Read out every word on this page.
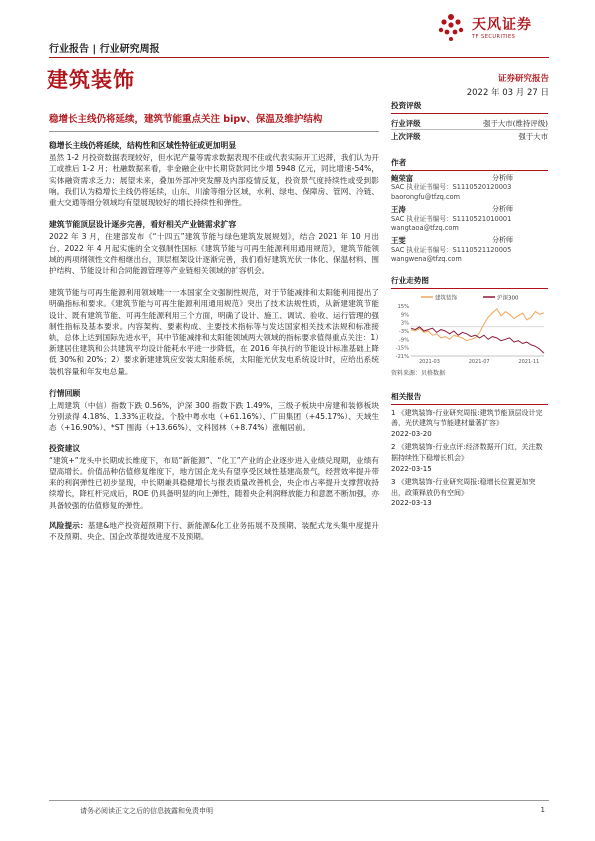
天风证券
TF SECURITIES
行业报告 | 行业研究周报
建筑装饰	证券研究报告
2022 年 03 月 27 日
稳增长主线仍将延续，建筑节能重点关注 bipv、保温及维护结构
稳增长主线仍将延续，结构性和区域性特征或更加明显
虽然 1-2 月投资数据表现较好，但水泥产量等需求数据表现不佳或代表实际开工迟滞，我们认为开工或推后 1-2 月；杜融数据来看，非金融企业中长期贷款同比少增 5948 亿元，同比增速-54%，实体融资需求乏力；展望未来，叠加外部冲突发酵及内部疫情反复，投资景气度持续性或受到影响。我们认为稳增长主线仍将延续，山东、川渝等细分区域，水利、绿电、保障房、管网、冷链、重大交通等细分领域均有望展现较好的增长持续性和弹性。
建筑节能顶层设计逐步完善，看好相关产业链需求扩容
2022 年 3 月，住建部发布《“十四五”建筑节能与绿色建筑发展规划》，结合 2021 年 10 月出台、2022 年 4 月起实施的全文强制性国标《建筑节能与可再生能源利用通用规范》，建筑节能领域的两项纲领性文件相继出台，顶层框架设计逐渐完善，我们看好建筑光伏一体化、保温材料、围护结构、节能设计和合同能源管理等产业链相关领域的扩容机会。
建筑节能与可再生能源利用领域唯一一本国家全文强制性规范，对于节能减排和太阳能利用提出了明确指标和要求。《建筑节能与可再生能源利用通用规范》突出了技术法规性质，从新建建筑节能设计、既有建筑节能、可再生能源利用三个方面，明确了设计、施工、调试、验收、运行管理的强制性指标及基本要求。内容架构、要素构成、主要技术指标等与发达国家相关技术法规和标准接轨，总体上达到国际先进水平，其中节能减排和太阳能领域两大领域的指标要求值得重点关注：1）新建居住建筑和公共建筑平均设计能耗水平进一步降低，在 2016 年执行的节能设计标准基础上降低 30%和 20%；2）要求新建建筑应安装太阳能系统，太阳能光伏发电系统设计时，应给出系统装机容量和年发电总量。
行情回顾
上周建筑（中信）指数下跌 0.56%，沪深 300 指数下跌 1.49%，三级子板块中房建和装修板块分别录得 4.18%、1.33%正收益。个股中粤水电（+61.16%）、广田集团（+45.17%）、天域生态（+16.90%）、*ST 围海（+13.66%）、文科园林（+8.74%）涨幅居前。
投资建议
“建筑+”龙头中长期成长维度下，布局“新能源”、“化工”产业的企业逐步进入业绩兑现期，业绩有望高增长。价值品种估值修复维度下，地方国企龙头有望享受区域性基建高景气，经营效率提升带来的利润弹性已初步显现，中长期兼具稳健增长与报表质量改善机会，央企市占率提升支撑营收持续增长，降杠杆完成后，ROE 仍具备明显的向上弹性，随着央企利润释放能力和意愿不断加强，亦具备较强的估值修复的弹性。
风险提示：基建&地产投资超预期下行、新能源&化工业务拓展不及预期、装配式龙头集中度提升不及预期、央企、国企改革提效进度不及预期。
投资评级
行业评级	强于大市(维持评级)
上次评级	强于大市
作者
鲍荣富	分析师
SAC 执业证书编号：S1110520120003
baorongfu@tfzq.com
王涛	分析师
SAC 执业证书编号：S1110521010001
wangtaoa@tfzq.com
王雯	分析师
SAC 执业证书编号：S1110521120005
wangwena@tfzq.com
行业走势图
建筑装饰	沪深300
15%
9%
3%
-3%
-9%
-15%
-21%
2021-03	2021-07	2021-11
资料来源：贝格数据
相关报告
1 《建筑装饰-行业研究周报:建筑节能顶层设计完善，光伏建筑与节能建材量著扩容》
2022-03-20
2 《建筑装饰-行业点评:经济数据开门红，关注数据持续性下稳增长机会》
2022-03-15
3 《建筑装饰-行业研究周报:稳增长位置更加突出，政策释放仍有空间》
2022-03-13
请务必阅读正文之后的信息披露和免责申明	1
